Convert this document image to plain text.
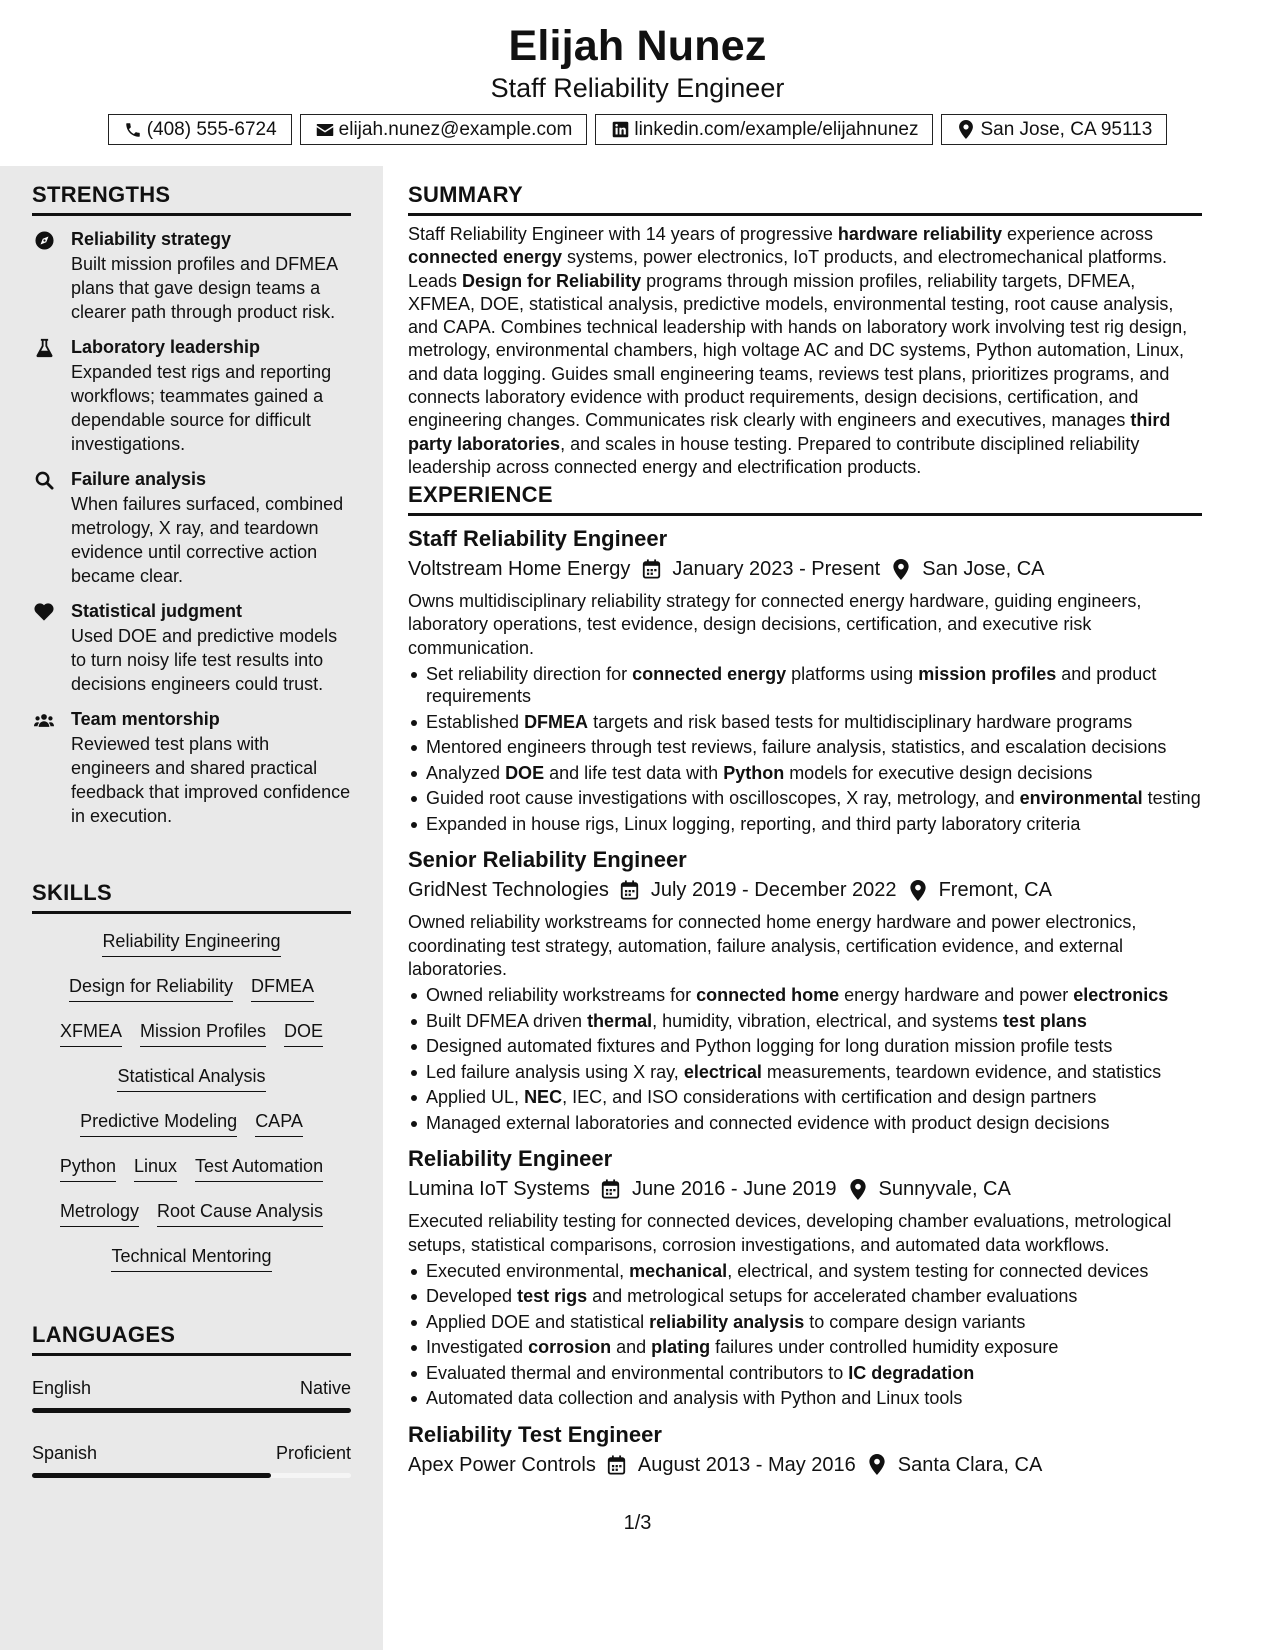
Elijah Nunez
Staff Reliability Engineer
(408) 555-6724	elijah.nunez@example.com	linkedin.com/example/elijahnunez	San Jose, CA 95113
STRENGTHS
Reliability strategy
Built mission profiles and DFMEA plans that gave design teams a clearer path through product risk.
Laboratory leadership
Expanded test rigs and reporting workflows; teammates gained a dependable source for difficult investigations.
Failure analysis
When failures surfaced, combined metrology, X ray, and teardown evidence until corrective action became clear.
Statistical judgment
Used DOE and predictive models to turn noisy life test results into decisions engineers could trust.
Team mentorship
Reviewed test plans with engineers and shared practical feedback that improved confidence in execution.
SKILLS
Reliability Engineering
Design for Reliability DFMEA
XFMEA Mission Profiles DOE
Statistical Analysis
Predictive Modeling CAPA
Python Linux Test Automation
Metrology Root Cause Analysis
Technical Mentoring
LANGUAGES
English	Native
Spanish	Proficient
SUMMARY

Staff Reliability Engineer with 14 years of progressive hardware reliability experience across connected energy systems, power electronics, IoT products, and electromechanical platforms. Leads Design for Reliability programs through mission profiles, reliability targets, DFMEA, XFMEA, DOE, statistical analysis, predictive models, environmental testing, root cause analysis, and CAPA. Combines technical leadership with hands on laboratory work involving test rig design, metrology, environmental chambers, high voltage AC and DC systems, Python automation, Linux, and data logging. Guides small engineering teams, reviews test plans, prioritizes programs, and connects laboratory evidence with product requirements, design decisions, certification, and engineering changes. Communicates risk clearly with engineers and executives, manages third party laboratories, and scales in house testing. Prepared to contribute disciplined reliability leadership across connected energy and electrification products.

EXPERIENCE
Staff Reliability Engineer
Voltstream Home Energy January 2023 - Present San Jose, CA
Owns multidisciplinary reliability strategy for connected energy hardware, guiding engineers, laboratory operations, test evidence, design decisions, certification, and executive risk communication.
Set reliability direction for connected energy platforms using mission profiles and product requirements
Established DFMEA targets and risk based tests for multidisciplinary hardware programs
Mentored engineers through test reviews, failure analysis, statistics, and escalation decisions
Analyzed DOE and life test data with Python models for executive design decisions
Guided root cause investigations with oscilloscopes, X ray, metrology, and environmental testing
Expanded in house rigs, Linux logging, reporting, and third party laboratory criteria
Senior Reliability Engineer
GridNest Technologies July 2019 - December 2022 Fremont, CA
Owned reliability workstreams for connected home energy hardware and power electronics, coordinating test strategy, automation, failure analysis, certification evidence, and external laboratories.
Owned reliability workstreams for connected home energy hardware and power electronics
Built DFMEA driven thermal, humidity, vibration, electrical, and systems test plans
Designed automated fixtures and Python logging for long duration mission profile tests
Led failure analysis using X ray, electrical measurements, teardown evidence, and statistics
Applied UL, NEC, IEC, and ISO considerations with certification and design partners
Managed external laboratories and connected evidence with product design decisions
Reliability Engineer
Lumina IoT Systems June 2016 - June 2019 Sunnyvale, CA
Executed reliability testing for connected devices, developing chamber evaluations, metrological setups, statistical comparisons, corrosion investigations, and automated data workflows.
Executed environmental, mechanical, electrical, and system testing for connected devices
Developed test rigs and metrological setups for accelerated chamber evaluations
Applied DOE and statistical reliability analysis to compare design variants
Investigated corrosion and plating failures under controlled humidity exposure
Evaluated thermal and environmental contributors to IC degradation
Automated data collection and analysis with Python and Linux tools
Reliability Test Engineer
Apex Power Controls August 2013 - May 2016 Santa Clara, CA
1/3
